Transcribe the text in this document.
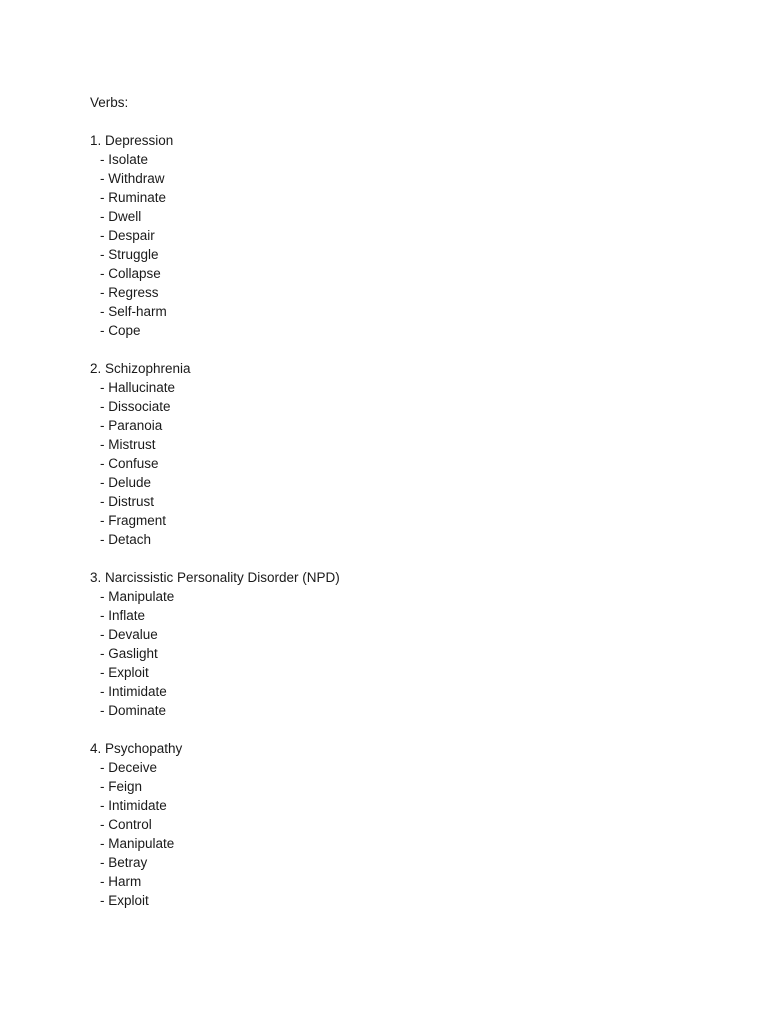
Verbs:
1. Depression
- Isolate
- Withdraw
- Ruminate
- Dwell
- Despair
- Struggle
- Collapse
- Regress
- Self-harm
- Cope
2. Schizophrenia
- Hallucinate
- Dissociate
- Paranoia
- Mistrust
- Confuse
- Delude
- Distrust
- Fragment
- Detach
3. Narcissistic Personality Disorder (NPD)
- Manipulate
- Inflate
- Devalue
- Gaslight
- Exploit
- Intimidate
- Dominate
4. Psychopathy
- Deceive
- Feign
- Intimidate
- Control
- Manipulate
- Betray
- Harm
- Exploit
